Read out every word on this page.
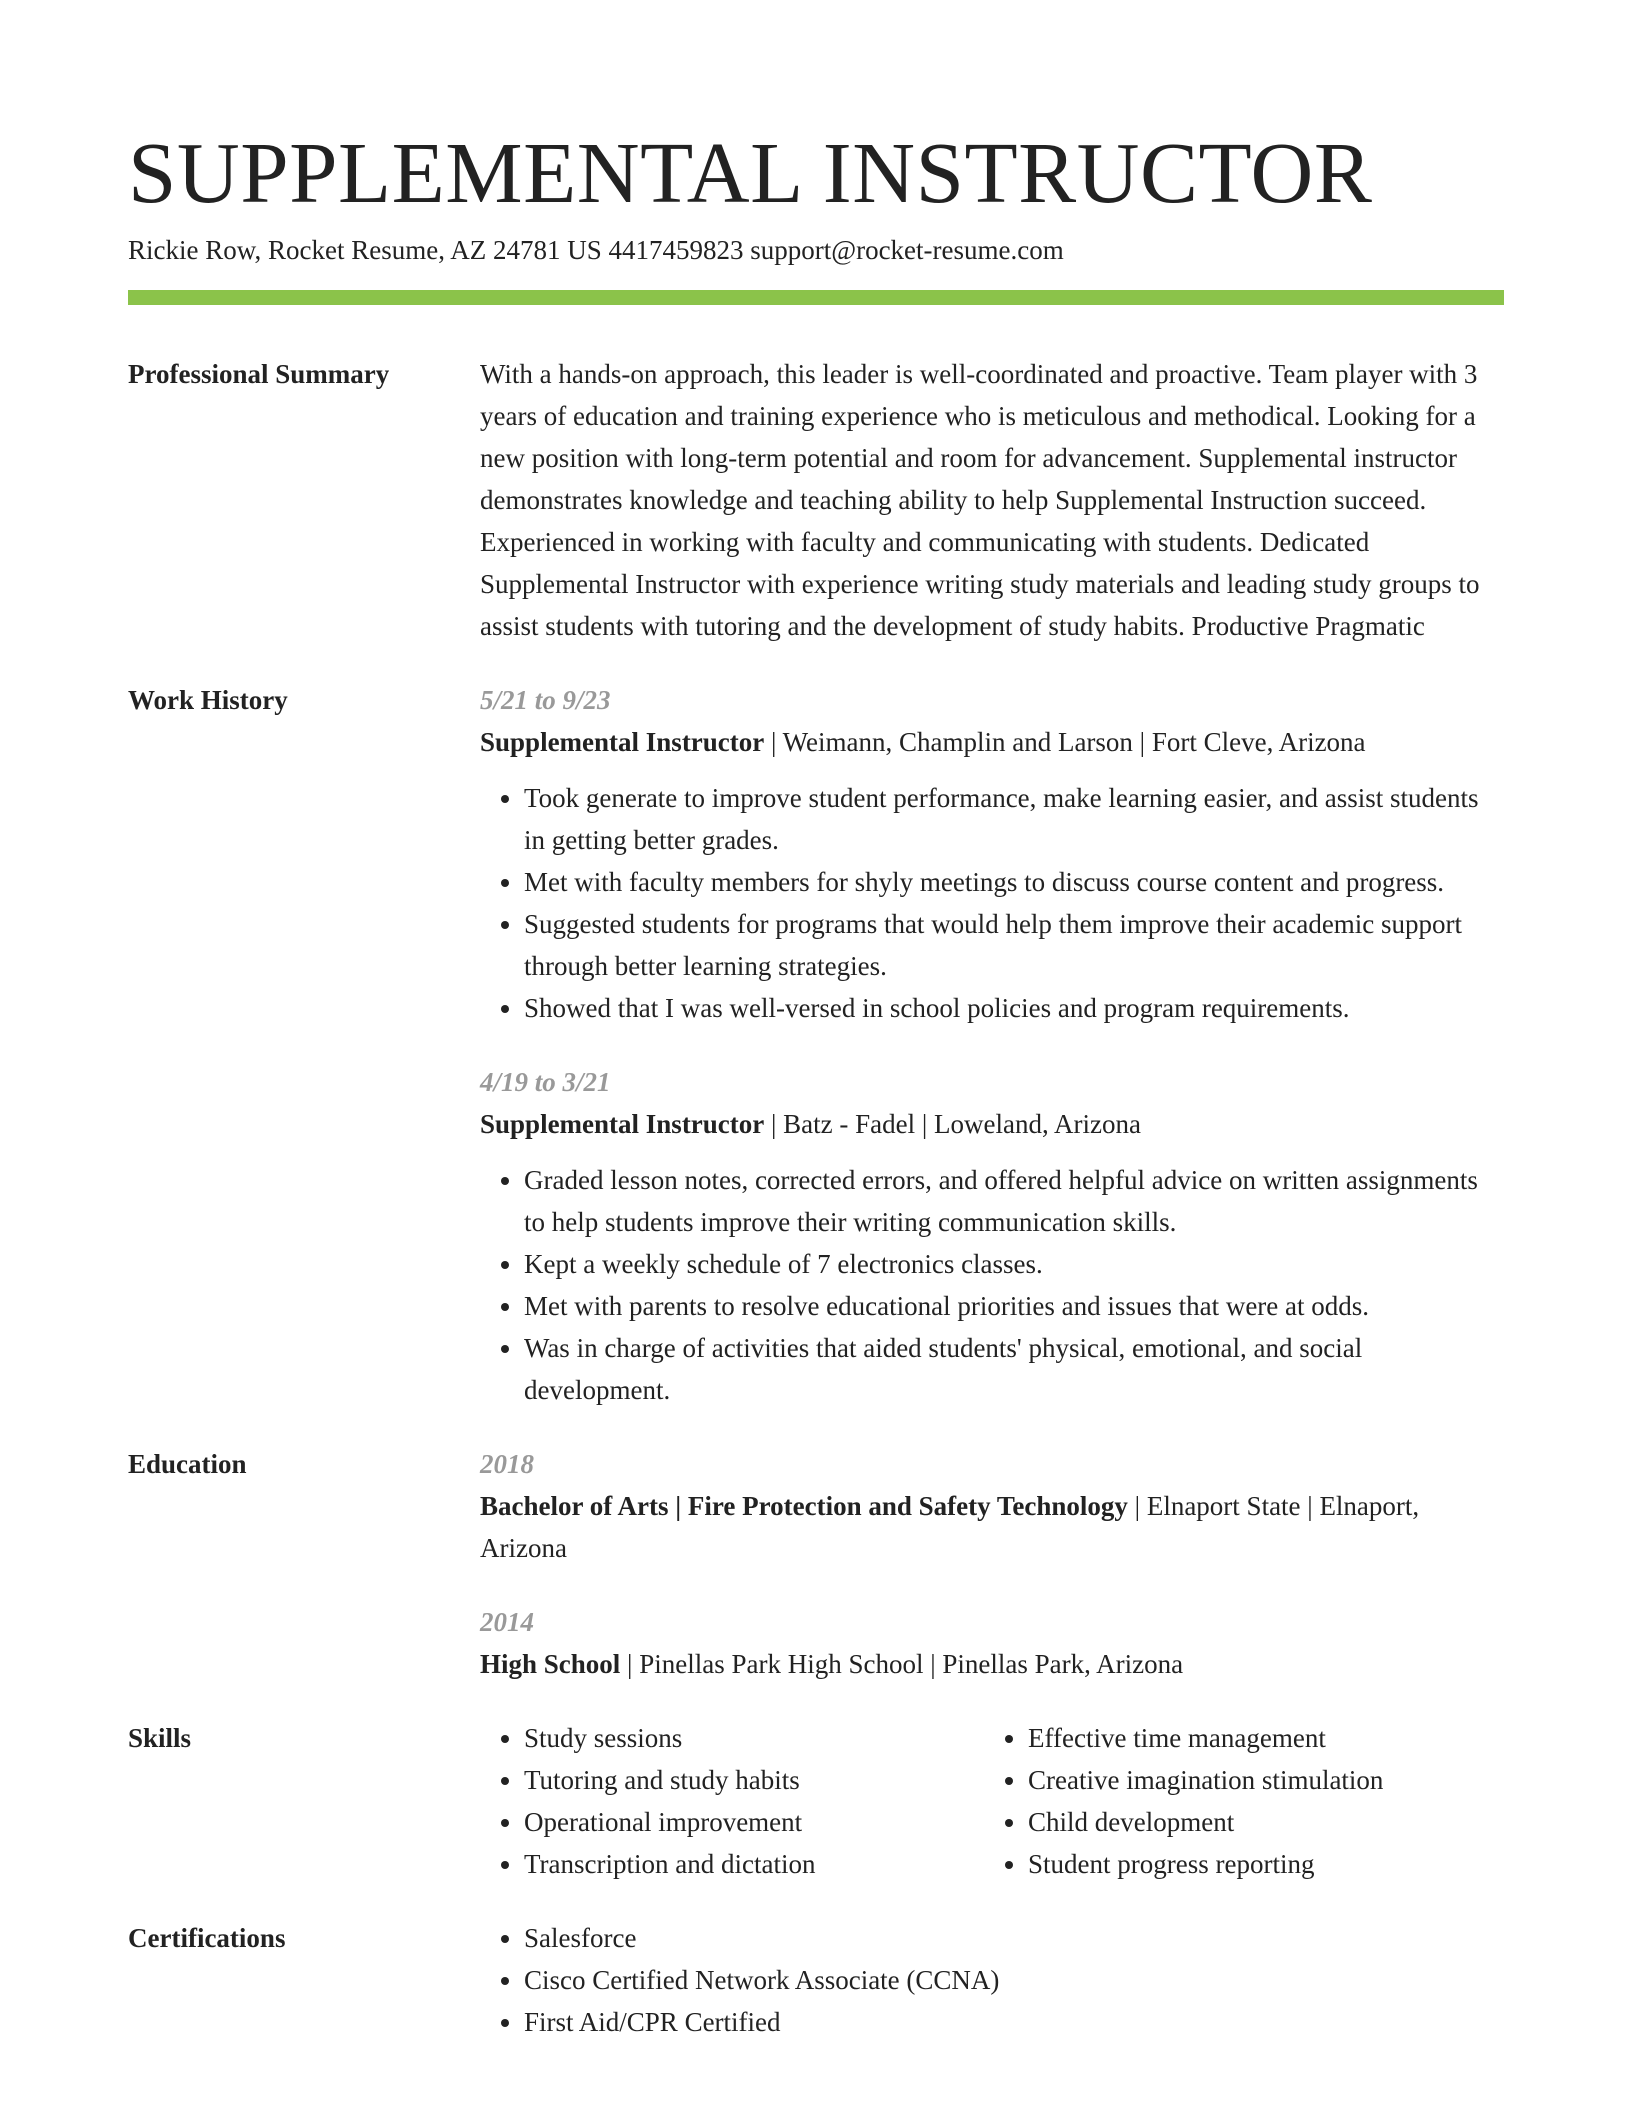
SUPPLEMENTAL INSTRUCTOR
Rickie Row, Rocket Resume, AZ 24781 US 4417459823 support@rocket-resume.com
Professional Summary	With a hands-on approach, this leader is well-coordinated and proactive. Team player with 3 years of education and training experience who is meticulous and methodical. Looking for a new position with long-term potential and room for advancement. Supplemental instructor demonstrates knowledge and teaching ability to help Supplemental Instruction succeed. Experienced in working with faculty and communicating with students. Dedicated Supplemental Instructor with experience writing study materials and leading study groups to assist students with tutoring and the development of study habits. Productive Pragmatic

Work History	5/21 to 9/23
Supplemental Instructor | Weimann, Champlin and Larson | Fort Cleve, Arizona
• Took generate to improve student performance, make learning easier, and assist students in getting better grades.
• Met with faculty members for shyly meetings to discuss course content and progress.
• Suggested students for programs that would help them improve their academic support through better learning strategies.
• Showed that I was well-versed in school policies and program requirements.
4/19 to 3/21
Supplemental Instructor | Batz - Fadel | Loweland, Arizona
• Graded lesson notes, corrected errors, and offered helpful advice on written assignments to help students improve their writing communication skills.
• Kept a weekly schedule of 7 electronics classes.
• Met with parents to resolve educational priorities and issues that were at odds.
• Was in charge of activities that aided students' physical, emotional, and social development.
Education	2018
Bachelor of Arts | Fire Protection and Safety Technology | Elnaport State | Elnaport, Arizona
2014
High School | Pinellas Park High School | Pinellas Park, Arizona
Skills	• Study sessions
• Tutoring and study habits
• Operational improvement
• Transcription and dictation
• Effective time management
• Creative imagination stimulation
• Child development
• Student progress reporting
Certifications	• Salesforce
• Cisco Certified Network Associate (CCNA)
• First Aid/CPR Certified
